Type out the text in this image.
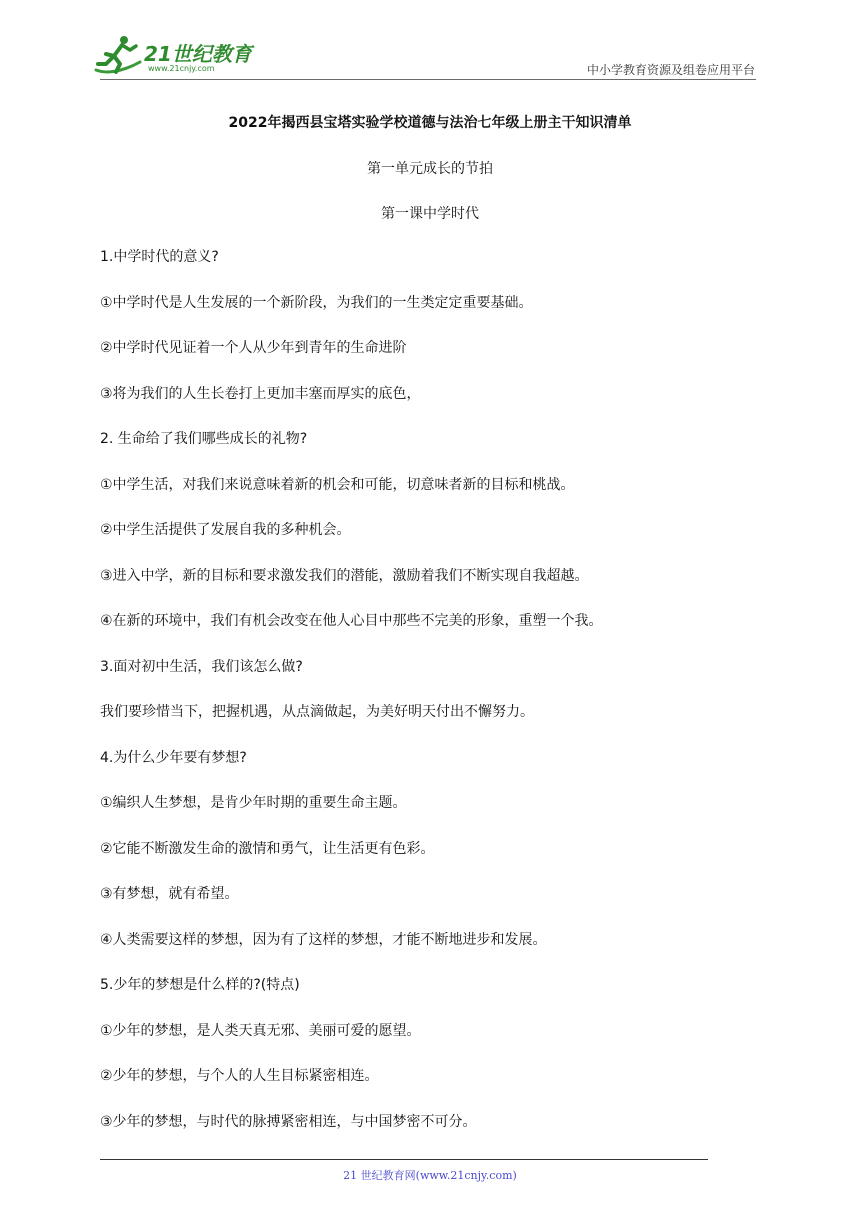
21世纪教育
www.21cnjy.com	中小学教育资源及组卷应用平台
2022年揭西县宝塔实验学校道德与法治七年级上册主干知识清单
第一单元成长的节拍
第一课中学时代
1.中学时代的意义?
①中学时代是人生发展的一个新阶段，为我们的一生类定定重要基础。
②中学时代见证着一个人从少年到青年的生命进阶
③将为我们的人生长卷打上更加丰塞而厚实的底色，
2. 生命给了我们哪些成长的礼物?
①中学生活，对我们来说意味着新的机会和可能，切意味者新的目标和桃战。
②中学生活提供了发展自我的多种机会。
③进入中学，新的目标和要求激发我们的潜能，激励着我们不断实现自我超越。
④在新的环境中，我们有机会改变在他人心目中那些不完美的形象，重塑一个我。
3.面对初中生活，我们该怎么做?
我们要珍惜当下，把握机遇，从点滴做起，为美好明天付出不懈努力。
4.为什么少年要有梦想?
①编织人生梦想，是肯少年时期的重要生命主题。
②它能不断激发生命的激情和勇气，让生活更有色彩。
③有梦想，就有希望。
④人类需要这样的梦想，因为有了这样的梦想，才能不断地进步和发展。
5.少年的梦想是什么样的?(特点)
①少年的梦想，是人类天真无邪、美丽可爱的愿望。
②少年的梦想，与个人的人生目标紧密相连。
③少年的梦想，与时代的脉搏紧密相连，与中国梦密不可分。
21 世纪教育网(www.21cnjy.com)
